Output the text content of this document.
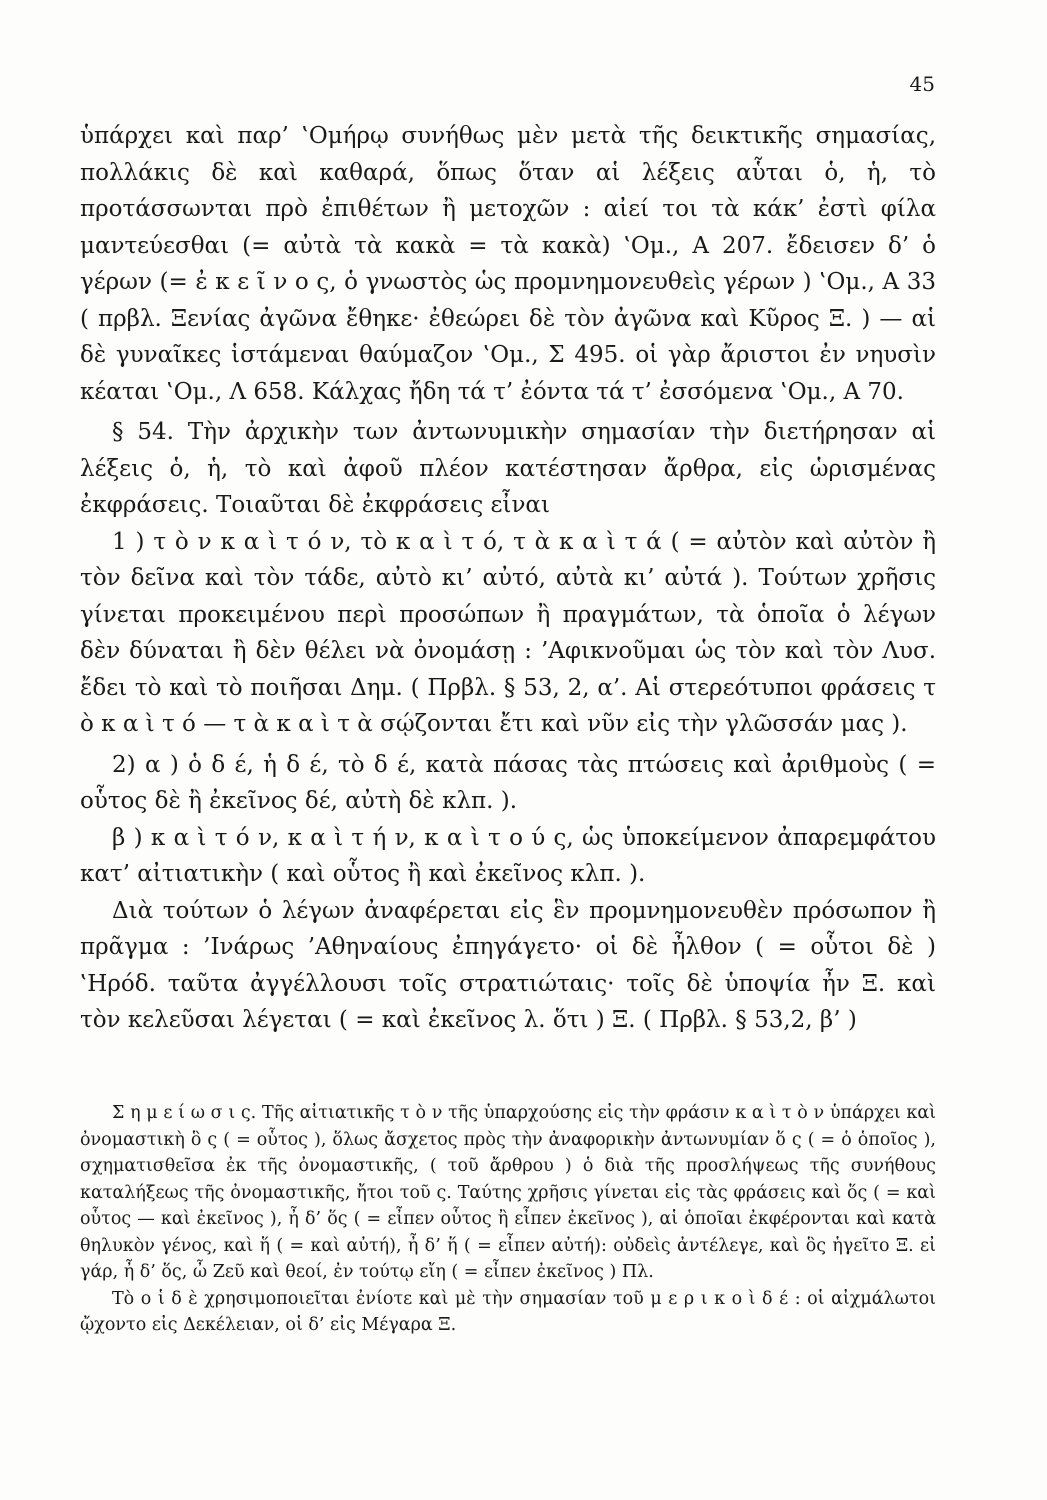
45

ὑπάρχει καὶ παρ’ ‛Ομήρῳ συνήθως μὲν μετὰ τῆς δεικτικῆς σημασίας, πολλάκις δὲ καὶ καθαρά, ὅπως ὅταν αἱ λέξεις αὗται ὁ, ἡ, τὸ προτάσσωνται πρὸ ἐπιθέτων ἢ μετοχῶν : αἰεί τοι τὰ κάκ’ ἐστὶ φίλα μαντεύεσθαι (= αὐτὰ τὰ κακὰ = τὰ κακὰ) ‛Ομ., Α 207. ἔδεισεν δ’ ὁ γέρων (= ἐ κ ε ῖ ν ο ς, ὁ γνωστὸς ὡς προμνημονευθεὶς γέρων ) ‛Ομ., Α 33 ( πρβλ. Ξενίας ἀγῶνα ἔθηκε· ἐθεώρει δὲ τὸν ἀγῶνα καὶ Κῦρος Ξ. ) — αἱ δὲ γυναῖκες ἱστάμεναι θαύμαζον ‛Ομ., Σ 495. οἱ γὰρ ἄριστοι ἐν νηυσὶν κέαται ‛Ομ., Λ 658. Κάλχας ἤδη τά τ’ ἐόντα τά τ’ ἐσσόμενα ‛Ομ., Α 70.

§ 54. Τὴν ἀρχικὴν των ἀντωνυμικὴν σημασίαν τὴν διετήρησαν αἱ λέξεις ὁ, ἡ, τὸ καὶ ἀφοῦ πλέον κατέστησαν ἄρθρα, εἰς ὡρισμένας ἐκφράσεις. Τοιαῦται δὲ ἐκφράσεις εἶναι

1 ) τ ὸ ν κ α ὶ τ ό ν, τὸ κ α ὶ τ ό, τ ὰ κ α ὶ τ ά ( = αὐτὸν καὶ αὐτὸν ἢ τὸν δεῖνα καὶ τὸν τάδε, αὐτὸ κι’ αὐτό, αὐτὰ κι’ αὐτά ). Τούτων χρῆσις γίνεται προκειμένου περὶ προσώπων ἢ πραγμάτων, τὰ ὁποῖα ὁ λέγων δὲν δύναται ἢ δὲν θέλει νὰ ὀνομάσῃ : ’Αφικνοῦμαι ὡς τὸν καὶ τὸν Λυσ. ἔδει τὸ καὶ τὸ ποιῆσαι Δημ. ( Πρβλ. § 53, 2, α’. Αἱ στερεότυποι φράσεις τ ὸ κ α ὶ τ ό — τ ὰ κ α ὶ τ ὰ σῴζονται ἔτι καὶ νῦν εἰς τὴν γλῶσσάν μας ).

2) α ) ὁ δ έ, ἡ δ έ, τὸ δ έ, κατὰ πάσας τὰς πτώσεις καὶ ἀριθμοὺς ( = οὗτος δὲ ἢ ἐκεῖνος δέ, αὐτὴ δὲ κλπ. ).

β ) κ α ὶ τ ό ν, κ α ὶ τ ή ν, κ α ὶ τ ο ύ ς, ὡς ὑποκείμενον ἀπαρεμφάτου κατ’ αἰτιατικὴν ( καὶ οὗτος ἢ καὶ ἐκεῖνος κλπ. ).

Διὰ τούτων ὁ λέγων ἀναφέρεται εἰς ἓν προμνημονευθὲν πρόσωπον ἢ πρᾶγμα : ’Ινάρως ’Αθηναίους ἐπηγάγετο· οἱ δὲ ἦλθον ( = οὗτοι δὲ ) ‛Ηρόδ. ταῦτα ἀγγέλλουσι τοῖς στρατιώταις· τοῖς δὲ ὑποψία ἦν Ξ. καὶ τὸν κελεῦσαι λέγεται ( = καὶ ἐκεῖνος λ. ὅτι ) Ξ. ( Πρβλ. § 53,2, β’ )

Σ η μ ε ί ω σ ι ς. Τῆς αἰτιατικῆς τ ὸ ν τῆς ὑπαρχούσης εἰς τὴν φράσιν κ α ὶ τ ὸ ν ὑπάρχει καὶ ὀνομαστικὴ ὃ ς ( = οὗτος ), ὅλως ἄσχετος πρὸς τὴν ἀναφορικὴν ἀντωνυμίαν ὅ ς ( = ὁ ὁποῖος ), σχηματισθεῖσα ἐκ τῆς ὀνομαστικῆς, ( τοῦ ἄρθρου ) ὁ διὰ τῆς προσλήψεως τῆς συνήθους καταλήξεως τῆς ὀνομαστικῆς, ἤτοι τοῦ ς. Ταύτης χρῆσις γίνεται εἰς τὰς φράσεις καὶ ὅς ( = καὶ οὗτος — καὶ ἐκεῖνος ), ἦ δ’ ὅς ( = εἶπεν οὗτος ἢ εἶπεν ἐκεῖνος ), αἱ ὁποῖαι ἐκφέρονται καὶ κατὰ θηλυκὸν γένος, καὶ ἥ ( = καὶ αὐτή), ἦ δ’ ἥ ( = εἶπεν αὐτή): οὐδεὶς ἀντέλεγε, καὶ ὃς ἡγεῖτο Ξ. εἰ γάρ, ἦ δ’ ὅς, ὦ Ζεῦ καὶ θεοί, ἐν τούτῳ εἴη ( = εἶπεν ἐκεῖνος ) Πλ.

Τὸ ο ἱ δ ὲ χρησιμοποιεῖται ἐνίοτε καὶ μὲ τὴν σημασίαν τοῦ μ ε ρ ι κ ο ὶ δ έ : οἱ αἰχμάλωτοι ᾤχοντο εἰς Δεκέλειαν, οἱ δ’ εἰς Μέγαρα Ξ.
